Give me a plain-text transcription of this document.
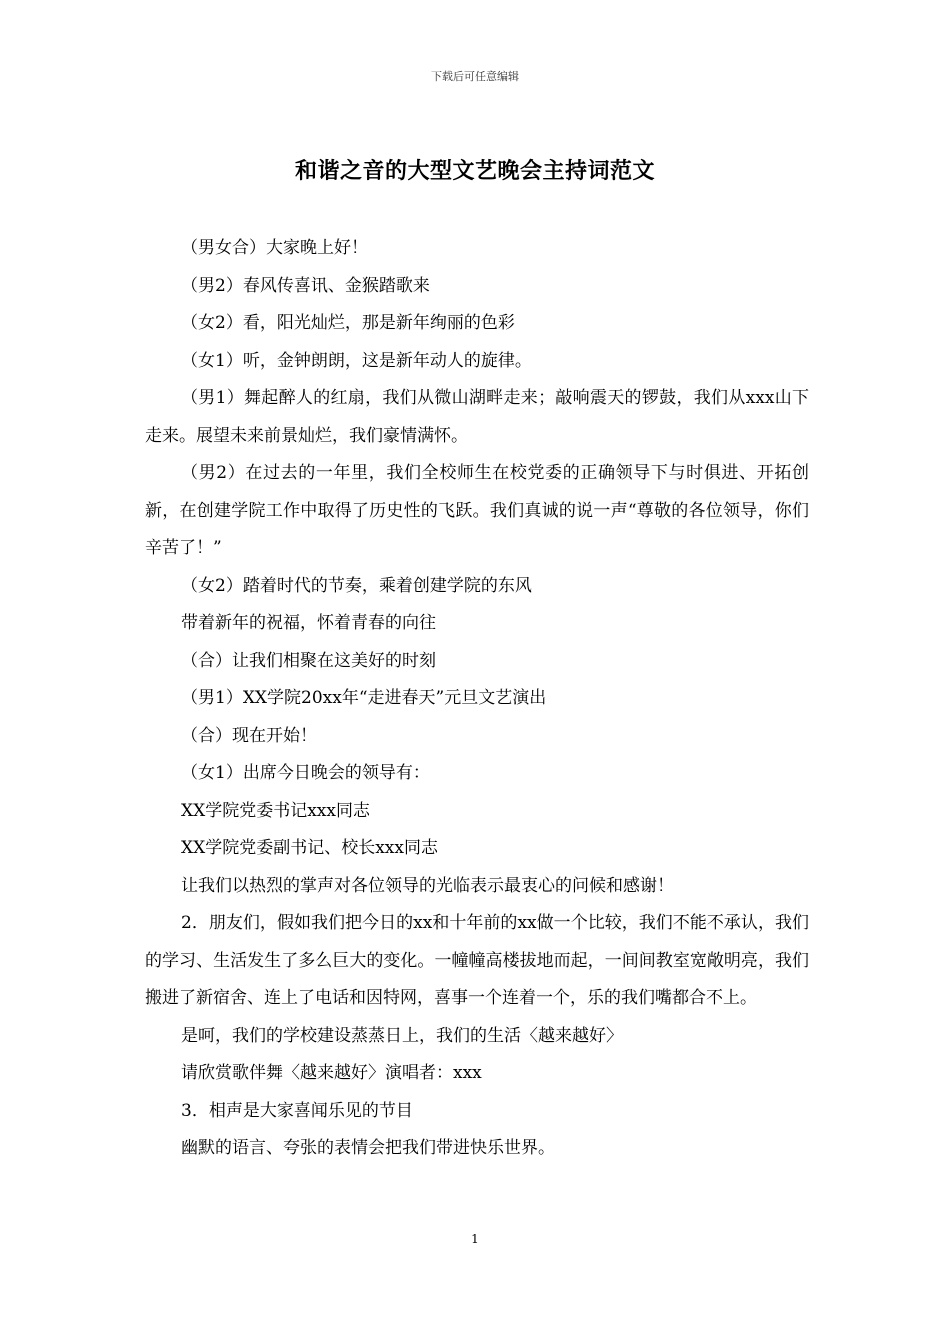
下载后可任意编辑
和谐之音的大型文艺晚会主持词范文

（男女合）大家晚上好！

（男2）春风传喜讯、金猴踏歌来

（女2）看，阳光灿烂，那是新年绚丽的色彩

（女1）听，金钟朗朗，这是新年动人的旋律。

（男1）舞起醉人的红扇，我们从微山湖畔走来；敲响震天的锣鼓，我们从xxx山下走来。展望未来前景灿烂，我们豪情满怀。

（男2）在过去的一年里，我们全校师生在校党委的正确领导下与时俱进、开拓创新，在创建学院工作中取得了历史性的飞跃。我们真诚的说一声“尊敬的各位领导，你们辛苦了！”

（女2）踏着时代的节奏，乘着创建学院的东风

带着新年的祝福，怀着青春的向往

（合）让我们相聚在这美好的时刻

（男1）XX学院20xx年“走进春天”元旦文艺演出

（合）现在开始！

（女1）出席今日晚会的领导有：

XX学院党委书记xxx同志

XX学院党委副书记、校长xxx同志

让我们以热烈的掌声对各位领导的光临表示最衷心的问候和感谢！

2．朋友们，假如我们把今日的xx和十年前的xx做一个比较，我们不能不承认，我们的学习、生活发生了多么巨大的变化。一幢幢高楼拔地而起，一间间教室宽敞明亮，我们搬进了新宿舍、连上了电话和因特网，喜事一个连着一个，乐的我们嘴都合不上。

是呵，我们的学校建设蒸蒸日上，我们的生活〈越来越好〉

请欣赏歌伴舞〈越来越好〉演唱者：xxx

3．相声是大家喜闻乐见的节目

幽默的语言、夸张的表情会把我们带进快乐世界。

1
